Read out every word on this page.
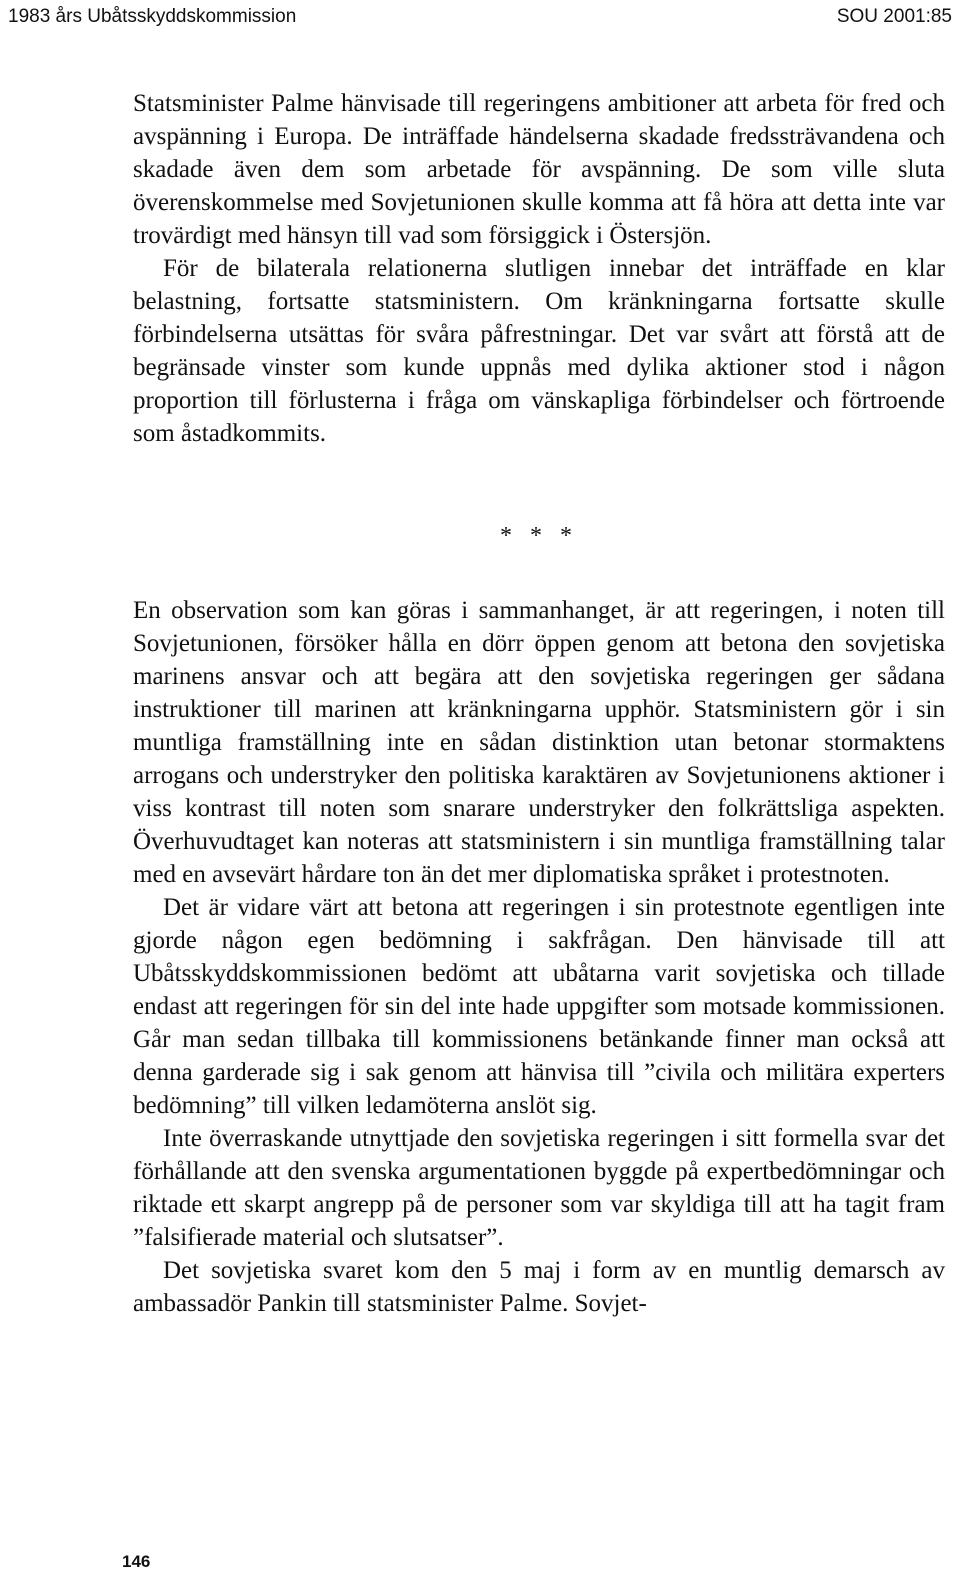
1983 års Ubåtsskyddskommission	SOU 2001:85

Statsminister Palme hänvisade till regeringens ambitioner att arbeta för fred och avspänning i Europa. De inträffade händelserna skadade fredssträvandena och skadade även dem som arbetade för avspänning. De som ville sluta överenskommelse med Sovjetunionen skulle komma att få höra att detta inte var trovärdigt med hänsyn till vad som försiggick i Östersjön.

För de bilaterala relationerna slutligen innebar det inträffade en klar belastning, fortsatte statsministern. Om kränkningarna fortsatte skulle förbindelserna utsättas för svåra påfrestningar. Det var svårt att förstå att de begränsade vinster som kunde uppnås med dylika aktioner stod i någon proportion till förlusterna i fråga om vänskapliga förbindelser och förtroende som åstadkommits.

* * *

En observation som kan göras i sammanhanget, är att regeringen, i noten till Sovjetunionen, försöker hålla en dörr öppen genom att betona den sovjetiska marinens ansvar och att begära att den sovjetiska regeringen ger sådana instruktioner till marinen att kränkningarna upphör. Statsministern gör i sin muntliga framställning inte en sådan distinktion utan betonar stormaktens arrogans och understryker den politiska karaktären av Sovjetunionens aktioner i viss kontrast till noten som snarare understryker den folkrättsliga aspekten. Överhuvudtaget kan noteras att statsministern i sin muntliga framställning talar med en avsevärt hårdare ton än det mer diplomatiska språket i protestnoten.

Det är vidare värt att betona att regeringen i sin protestnote egentligen inte gjorde någon egen bedömning i sakfrågan. Den hänvisade till att Ubåtsskyddskommissionen bedömt att ubåtarna varit sovjetiska och tillade endast att regeringen för sin del inte hade uppgifter som motsade kommissionen. Går man sedan tillbaka till kommissionens betänkande finner man också att denna garderade sig i sak genom att hänvisa till ”civila och militära experters bedömning” till vilken ledamöterna anslöt sig.

Inte överraskande utnyttjade den sovjetiska regeringen i sitt formella svar det förhållande att den svenska argumentationen byggde på expertbedömningar och riktade ett skarpt angrepp på de personer som var skyldiga till att ha tagit fram ”falsifierade material och slutsatser”.

Det sovjetiska svaret kom den 5 maj i form av en muntlig demarsch av ambassadör Pankin till statsminister Palme. Sovjet-

146
